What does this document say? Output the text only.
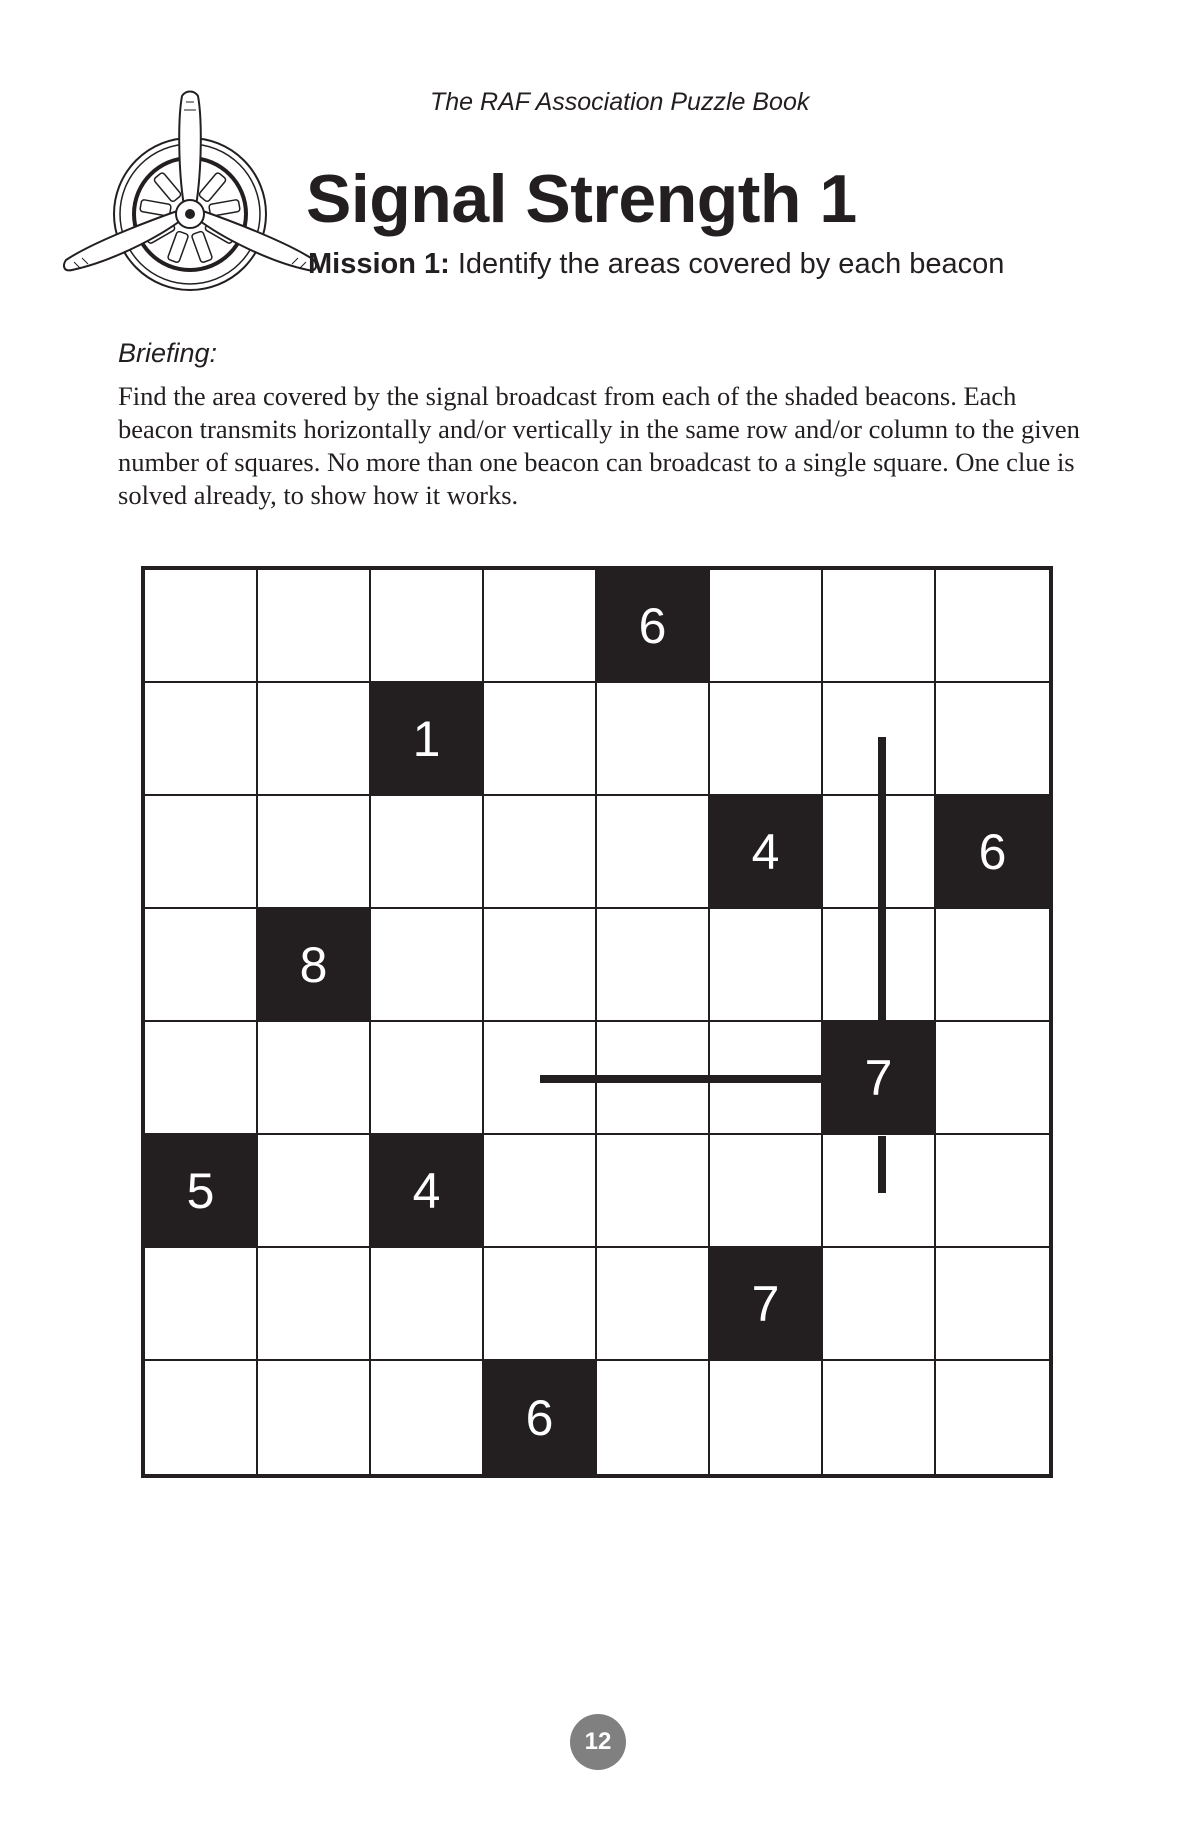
The RAF Association Puzzle Book
Signal Strength 1
Mission 1: Identify the areas covered by each beacon
Briefing:
Find the area covered by the signal broadcast from each of the shaded beacons. Each beacon transmits horizontally and/or vertically in the same row and/or column to the given number of squares. No more than one beacon can broadcast to a single square. One clue is solved already, to show how it works.
6
1
4	6
8
7
5	4
7
6
12
